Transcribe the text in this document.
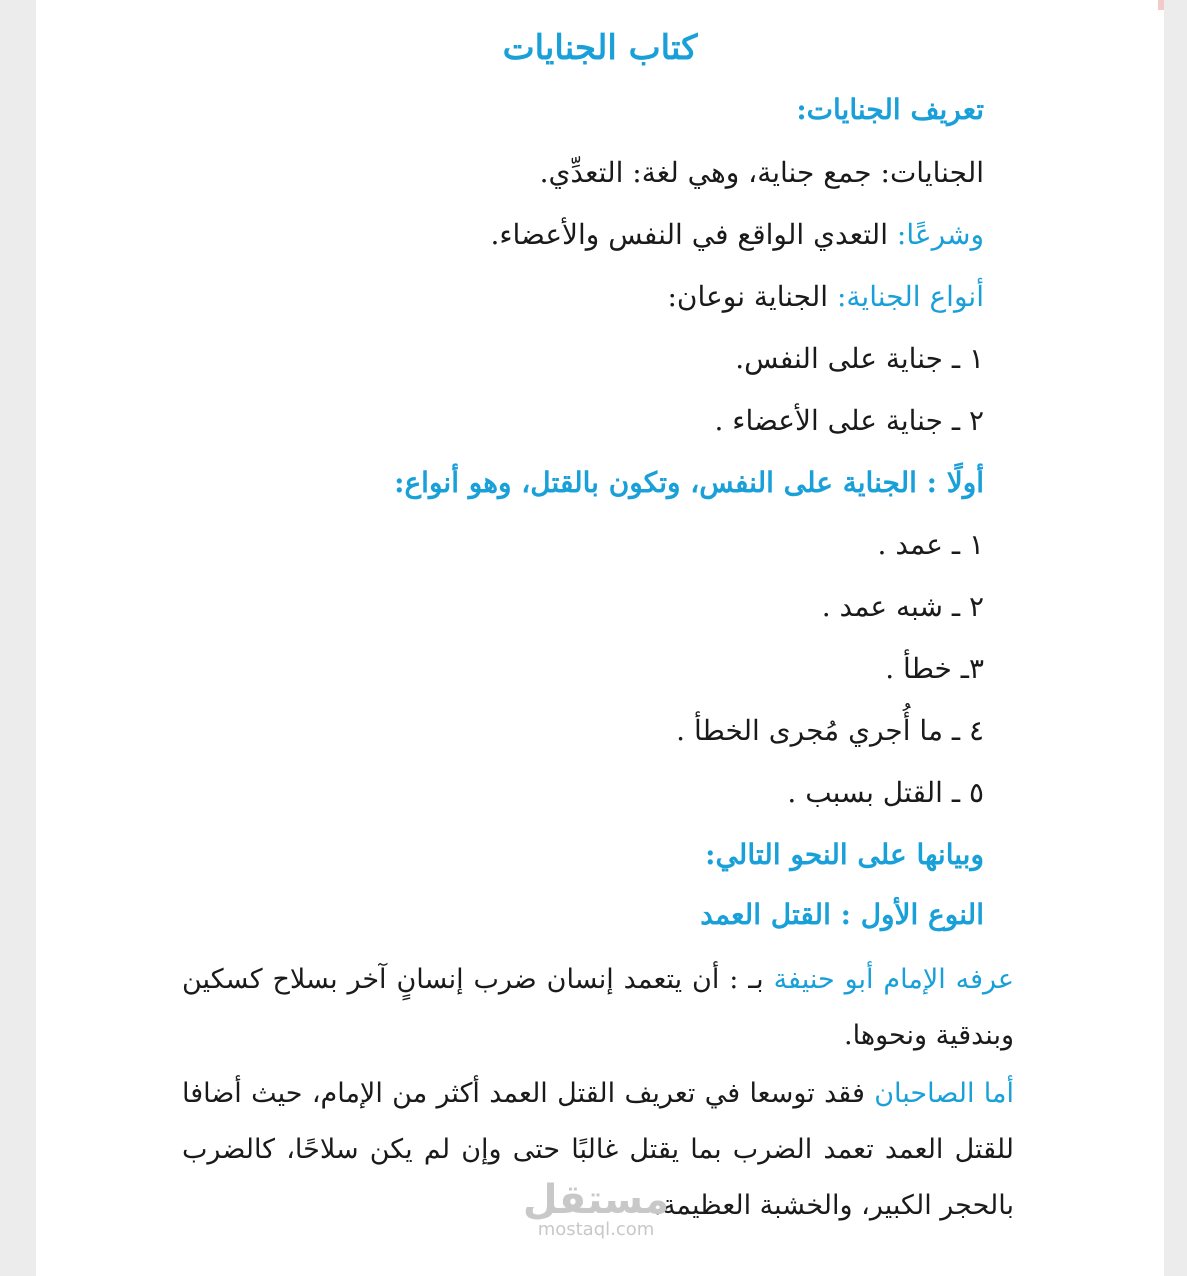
كتاب الجنايات

تعريف الجنايات:

الجنايات: جمع جناية، وهي لغة: التعدِّي.

وشرعًا: التعدي الواقع في النفس والأعضاء.

أنواع الجناية: الجناية نوعان:

١ ـ جناية على النفس.

٢ ـ جناية على الأعضاء .

أولًا : الجناية على النفس، وتكون بالقتل، وهو أنواع:

١ ـ عمد .

٢ ـ شبه عمد .

٣ـ خطأ .

٤ ـ ما أُجري مُجرى الخطأ .

٥ ـ القتل بسبب .

وبيانها على النحو التالي:

النوع الأول : القتل العمد

عرفه الإمام أبو حنيفة بـ : أن يتعمد إنسان ضرب إنسانٍ آخر بسلاح كسكين وبندقية ونحوها.

أما الصاحبان فقد توسعا في تعريف القتل العمد أكثر من الإمام، حيث أضافا للقتل العمد تعمد الضرب بما يقتل غالبًا حتى وإن لم يكن سلاحًا، كالضرب بالحجر الكبير، والخشبة العظيمة.

مستقل
mostaql.com
